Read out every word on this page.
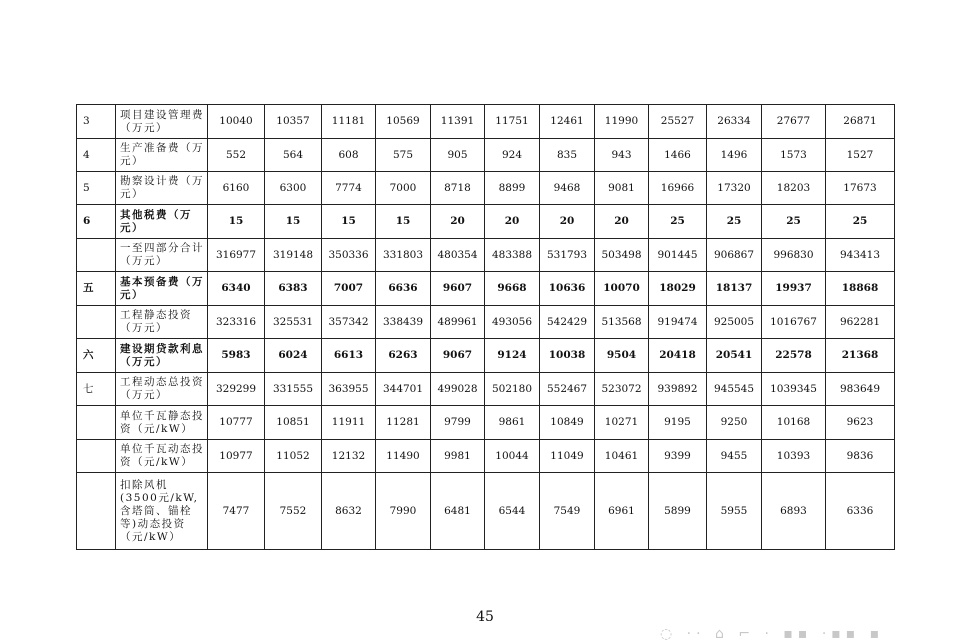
3	项目建设管理费（万元）	10040	10357	11181	10569	11391	11751	12461	11990	25527	26334	27677	26871
4	生产准备费（万元）	552	564	608	575	905	924	835	943	1466	1496	1573	1527
5	勘察设计费（万元）	6160	6300	7774	7000	8718	8899	9468	9081	16966	17320	18203	17673
6	其他税费（万元）	15	15	15	15	20	20	20	20	25	25	25	25
	一至四部分合计（万元）	316977	319148	350336	331803	480354	483388	531793	503498	901445	906867	996830	943413
五	基本预备费（万元）	6340	6383	7007	6636	9607	9668	10636	10070	18029	18137	19937	18868
	工程静态投资（万元）	323316	325531	357342	338439	489961	493056	542429	513568	919474	925005	1016767	962281
六	建设期贷款利息（万元）	5983	6024	6613	6263	9067	9124	10038	9504	20418	20541	22578	21368
七	工程动态总投资（万元）	329299	331555	363955	344701	499028	502180	552467	523072	939892	945545	1039345	983649
	单位千瓦静态投资（元/kW）	10777	10851	11911	11281	9799	9861	10849	10271	9195	9250	10168	9623
	单位千瓦动态投资（元/kW）	10977	11052	12132	11490	9981	10044	11049	10461	9399	9455	10393	9836
	扣除风机(3500元/kW,含塔筒、锚栓等)动态投资（元/kW）	7477	7552	8632	7990	6481	6544	7549	6961	5899	5955	6893	6336
45
◌ ·· ⌂ ⌐ · ▪▪ ·▪▪ ▪
